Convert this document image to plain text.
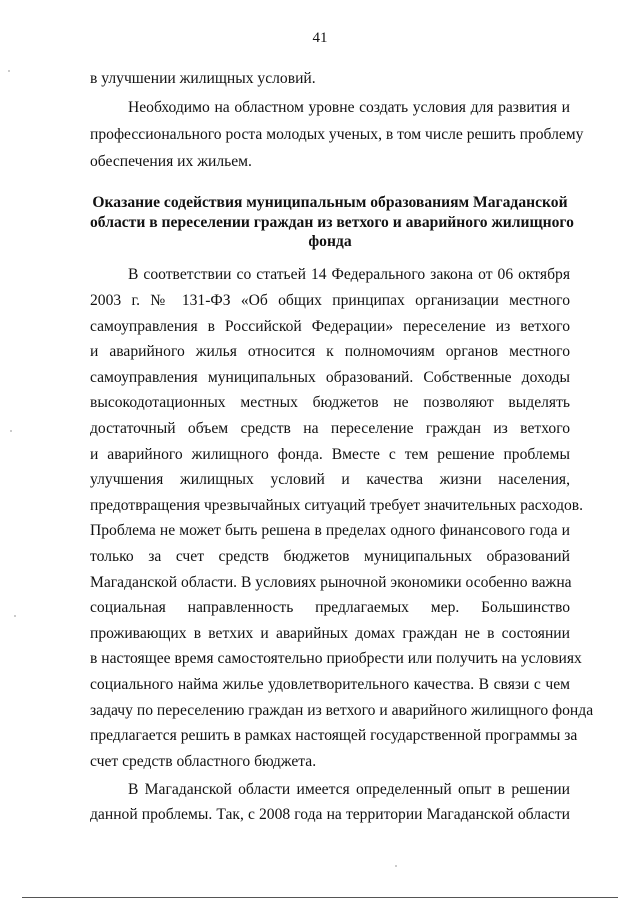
41
в улучшении жилищных условий.
Необходимо на областном уровне создать условия для развития и
профессионального роста молодых ученых, в том числе решить проблему
обеспечения их жильем.
Оказание содействия муниципальным образованиям Магаданской
области в переселении граждан из ветхого и аварийного жилищного
фонда
В соответствии со статьей 14 Федерального закона от 06 октября
2003 г. № 131-ФЗ «Об общих принципах организации местного
самоуправления в Российской Федерации» переселение из ветхого
и аварийного жилья относится к полномочиям органов местного
самоуправления муниципальных образований. Собственные доходы
высокодотационных местных бюджетов не позволяют выделять
достаточный объем средств на переселение граждан из ветхого
и аварийного жилищного фонда. Вместе с тем решение проблемы
улучшения жилищных условий и качества жизни населения,
предотвращения чрезвычайных ситуаций требует значительных расходов.
Проблема не может быть решена в пределах одного финансового года и
только за счет средств бюджетов муниципальных образований
Магаданской области. В условиях рыночной экономики особенно важна
социальная направленность предлагаемых мер. Большинство
проживающих в ветхих и аварийных домах граждан не в состоянии
в настоящее время самостоятельно приобрести или получить на условиях
социального найма жилье удовлетворительного качества. В связи с чем
задачу по переселению граждан из ветхого и аварийного жилищного фонда
предлагается решить в рамках настоящей государственной программы за
счет средств областного бюджета.
В Магаданской области имеется определенный опыт в решении
данной проблемы. Так, с 2008 года на территории Магаданской области
